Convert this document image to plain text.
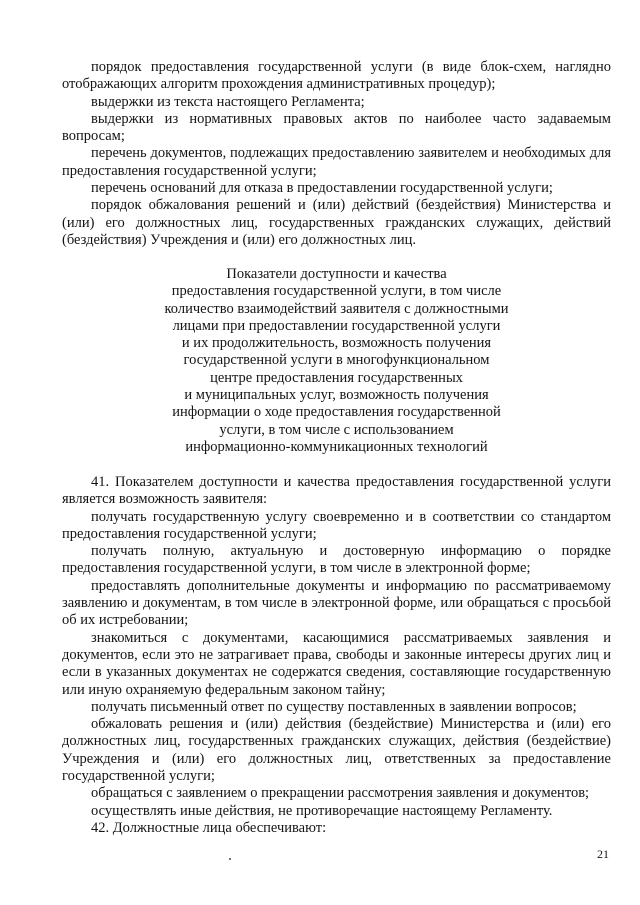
порядок предоставления государственной услуги (в виде блок-схем, наглядно отображающих алгоритм прохождения административных процедур);

выдержки из текста настоящего Регламента;

выдержки из нормативных правовых актов по наиболее часто задаваемым вопросам;

перечень документов, подлежащих предоставлению заявителем и необходимых для предоставления государственной услуги;

перечень оснований для отказа в предоставлении государственной услуги;

порядок обжалования решений и (или) действий (бездействия) Министерства и (или) его должностных лиц, государственных гражданских служащих, действий (бездействия) Учреждения и (или) его должностных лиц.

Показатели доступности и качества
предоставления государственной услуги, в том числе
количество взаимодействий заявителя с должностными
лицами при предоставлении государственной услуги
и их продолжительность, возможность получения
государственной услуги в многофункциональном
центре предоставления государственных
и муниципальных услуг, возможность получения
информации о ходе предоставления государственной
услуги, в том числе с использованием
информационно-коммуникационных технологий

41. Показателем доступности и качества предоставления государственной услуги является возможность заявителя:

получать государственную услугу своевременно и в соответствии со стандартом предоставления государственной услуги;

получать полную, актуальную и достоверную информацию о порядке предоставления государственной услуги, в том числе в электронной форме;

предоставлять дополнительные документы и информацию по рассматриваемому заявлению и документам, в том числе в электронной форме, или обращаться с просьбой об их истребовании;

знакомиться с документами, касающимися рассматриваемых заявления и документов, если это не затрагивает права, свободы и законные интересы других лиц и если в указанных документах не содержатся сведения, составляющие государственную или иную охраняемую федеральным законом тайну;

получать письменный ответ по существу поставленных в заявлении вопросов;

обжаловать решения и (или) действия (бездействие) Министерства и (или) его должностных лиц, государственных гражданских служащих, действия (бездействие) Учреждения и (или) его должностных лиц, ответственных за предоставление государственной услуги;

обращаться с заявлением о прекращении рассмотрения заявления и документов;

осуществлять иные действия, не противоречащие настоящему Регламенту.

42. Должностные лица обеспечивают:

21
